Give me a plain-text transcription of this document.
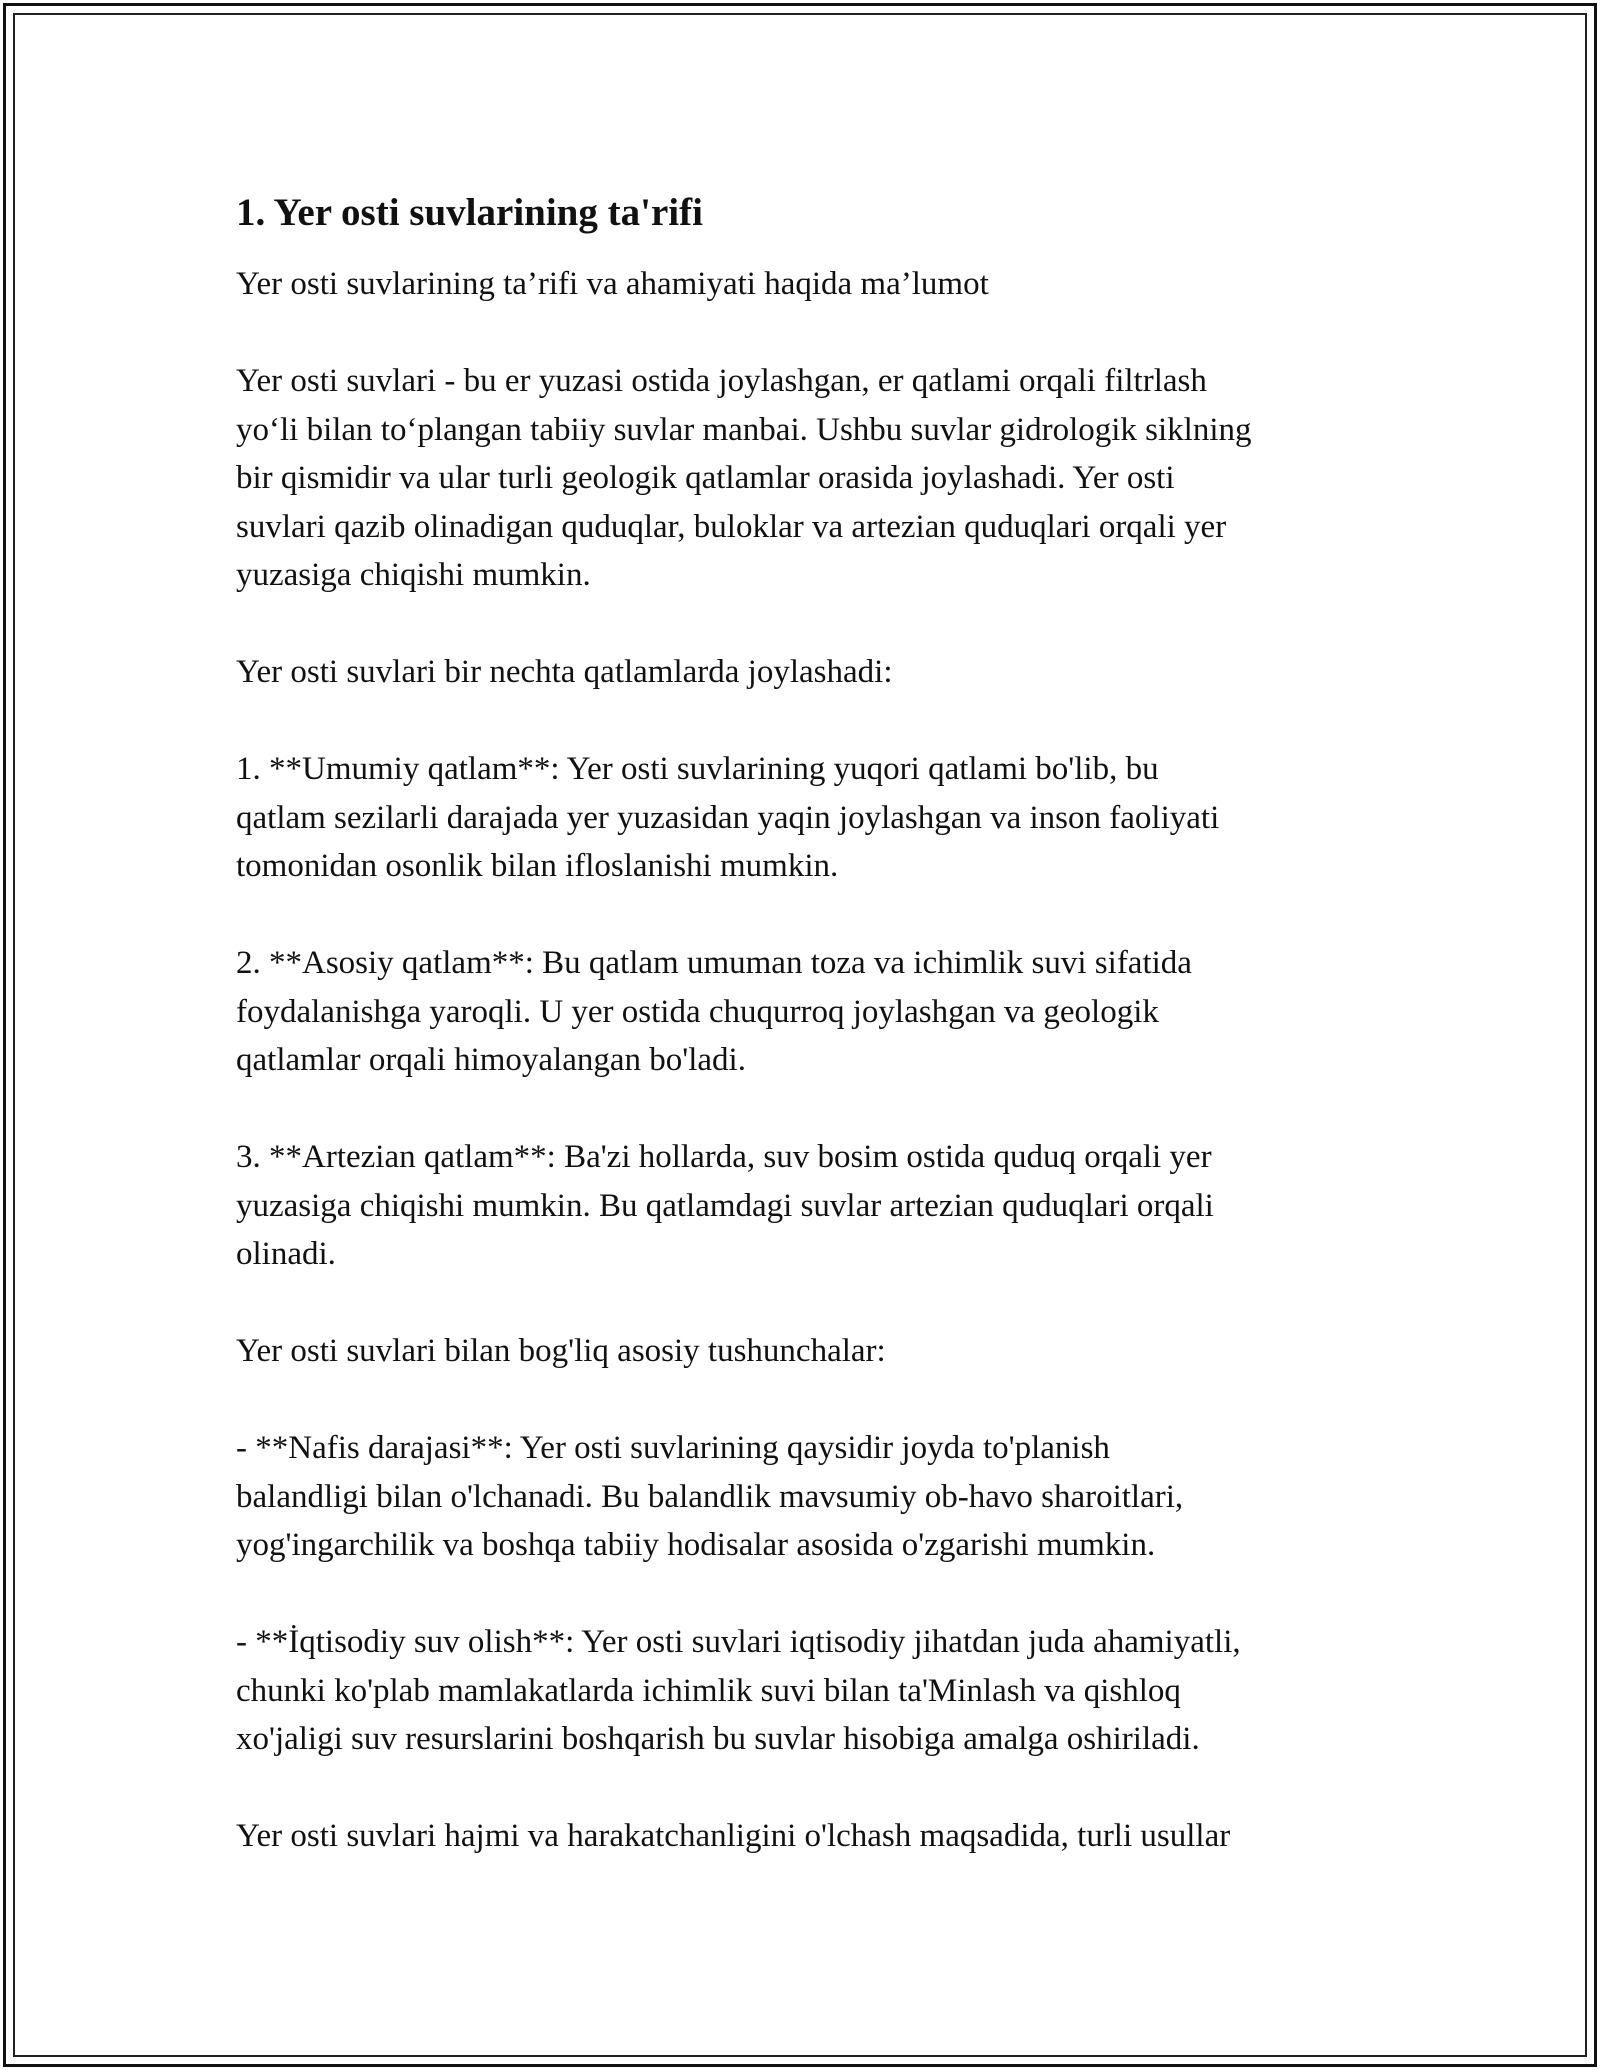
1. Yer osti suvlarining ta'rifi

Yer osti suvlarining ta’rifi va ahamiyati haqida ma’lumot

Yer osti suvlari - bu er yuzasi ostida joylashgan, er qatlami orqali filtrlash
yo‘li bilan to‘plangan tabiiy suvlar manbai. Ushbu suvlar gidrologik siklning
bir qismidir va ular turli geologik qatlamlar orasida joylashadi. Yer osti
suvlari qazib olinadigan quduqlar, buloklar va artezian quduqlari orqali yer
yuzasiga chiqishi mumkin.

Yer osti suvlari bir nechta qatlamlarda joylashadi:

1. **Umumiy qatlam**: Yer osti suvlarining yuqori qatlami bo'lib, bu
qatlam sezilarli darajada yer yuzasidan yaqin joylashgan va inson faoliyati
tomonidan osonlik bilan ifloslanishi mumkin.

2. **Asosiy qatlam**: Bu qatlam umuman toza va ichimlik suvi sifatida
foydalanishga yaroqli. U yer ostida chuqurroq joylashgan va geologik
qatlamlar orqali himoyalangan bo'ladi.

3. **Artezian qatlam**: Ba'zi hollarda, suv bosim ostida quduq orqali yer
yuzasiga chiqishi mumkin. Bu qatlamdagi suvlar artezian quduqlari orqali
olinadi.

Yer osti suvlari bilan bog'liq asosiy tushunchalar:

- **Nafis darajasi**: Yer osti suvlarining qaysidir joyda to'planish
balandligi bilan o'lchanadi. Bu balandlik mavsumiy ob-havo sharoitlari,
yog'ingarchilik va boshqa tabiiy hodisalar asosida o'zgarishi mumkin.

- **İqtisodiy suv olish**: Yer osti suvlari iqtisodiy jihatdan juda ahamiyatli,
chunki ko'plab mamlakatlarda ichimlik suvi bilan ta'Minlash va qishloq
xo'jaligi suv resurslarini boshqarish bu suvlar hisobiga amalga oshiriladi.

Yer osti suvlari hajmi va harakatchanligini o'lchash maqsadida, turli usullar
